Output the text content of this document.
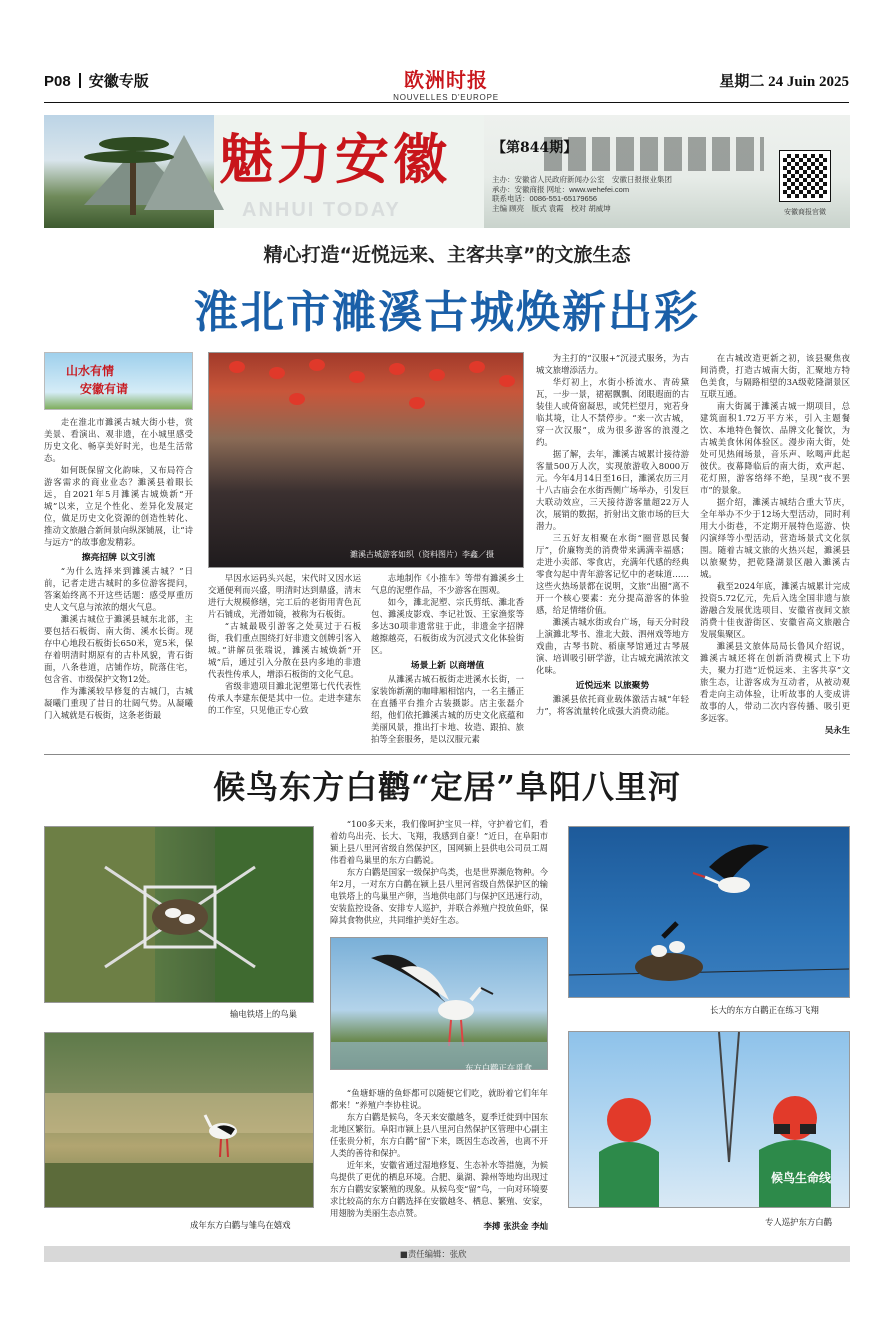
P08 安徽专版	欧洲时报
NOUVELLES D'EUROPE
星期二 24 Juin 2025
魅力安徽
ANHUI TODAY
【第844期】
主办：安徽省人民政府新闻办公室　安徽日报报业集团
承办：安徽商报 网址：www.wehefei.com
联系电话：0086-551-65179656
主编 顾亮　版式 袁霞　校对 胡威坤	安徽商报官微
精心打造“近悦远来、主客共享”的文旅生态
淮北市濉溪古城焕新出彩
山水有情
安徽有请
濉溪古城游客如织（资料图片）李鑫／摄

走在淮北市濉溪古城大街小巷，赏美景、看演出、观非遗，在小城里感受历史文化、畅享美好时光，也是生活常态。

如何既保留文化韵味，又布局符合游客需求的商业业态？濉溪县着眼长远，自2021年5月濉溪古城焕新“开城”以来，立足个性化、差异化发展定位，做足历史文化资源的创造性转化、推动文旅融合新间景向纵深铺展，让“诗与远方”的故事愈发精彩。

擦亮招牌 以文引流

“为什么选择来到濉溪古城？”日前，记者走进古城时的多位游客提问，答案始终离不开这些话题：感受厚重历史人文气息与浓浓的烟火气息。

濉溪古城位于濉溪县城东北部，主要包括石板街、南大街、溪水长街。现存中心地段石板街长650米，宽5米，保存着明清时期原有的古朴风貌，青石街面，八条巷道，店铺作坊，院落住宅，包含省、市级保护文物12处。

作为濉溪较早修复的古城门，古城凝曦门重现了昔日的壮阔气势。从凝曦门入城就是石板街，这条老街最

早因水运码头兴起，宋代时又因水运交通便利而兴盛，明清时达到鼎盛，清末进行大规模修缮，完工后的老街用青色瓦片石铺成，光滑如镜，被称为石板街。

“古城最吸引游客之处莫过于石板街，我们重点围绕打好非遗文创牌引客入城。”讲解员张瑞说，濉溪古城焕新“开城”后，通过引入分散在县内多地的非遗代表性传承人，增添石板街的文化气息。

省级非遗项目濉北泥塑第七代代表性传承人李建东便是其中一位。走进李建东的工作室，只见他正专心致

志地制作《小推车》等带有濉溪乡土气息的泥塑作品，不少游客在围观。

如今，濉北泥塑、宗氏剪纸、濉北香包、濉溪皮影戏、李记社饭、王家渔浆等多达30项非遗常驻于此，非遗金字招牌越擦越亮，石板街成为沉浸式文化体验街区。

场景上新 以商增值

从濉溪古城石板街走进溪水长街，一家装饰新潮的咖啡厢相馆内，一名主播正在直播平台推介古装摄影。店主张磊介绍，他们依托濉溪古城的历史文化底蕴和美丽风景，推出打卡地、妆造、跟拍、旅拍等全套服务，是以汉服元素

为主打的“汉服+”沉浸式服务，为古城文旅增添活力。

华灯初上，水街小桥流水、青砖黛瓦，一步一景，裙裾飘飘、闭眼遐面的古装佳人或倚窗凝思，或凭栏望月，宛若身临其境，让人不禁停步。“来一次古城，穿一次汉服”，成为很多游客的浪漫之约。

据了解，去年，濉溪古城累计接待游客量500万人次，实现旅游收入8000万元。今年4月14日至16日，濉溪农历三月十八古庙会在水街西侧广场举办，引发巨大联动效应，三天接待游客量超22万人次，展销的数据，折射出文旅市场的巨大潜力。

三五好友相聚在水街“圈营恩民餐厅”，价廉物美的消费带来满满幸福感；走进小卖部、零食店，充满年代感的经典零食勾起中青年游客记忆中的老味道……这些火热场景都在说明，文旅“出圈”离不开一个核心要素：充分提高游客的体验感，给足情绪价值。

濉溪古城水街或台广场，每天分时段上演濉北琴书、淮北大鼓、泗州戏等地方戏曲，古琴书院、稻康琴馆通过古琴展演、培训吸引研学游，让古城充满浓浓文化味。

近悦远来 以旅聚势

濉溪县依托商业载体激活古城“年轻力”，将客流量转化成强大消费动能。

在古城改造更新之初，该县聚焦夜间消费，打造古城南大街，汇聚地方特色美食，与隔路相望的3A级乾隆湖景区互联互通。

南大街属于濉溪古城一期项目，总建筑面积1.72万平方米，引入主题餐饮、本地特色餐饮、品牌文化餐饮，为古城美食休闲体验区。漫步南大街，处处可见热闹场景，音乐声、吆喝声此起彼伏。夜幕降临后的南大街，欢声起、花灯照，游客络绎不绝，呈现“夜不罢市”的景象。

据介绍，濉溪古城结合重大节庆，全年举办不少于12场大型活动，同时利用大小街巷，不定期开展特色巡游、快闪演绎等小型活动，营造场景式文化氛围。随着古城文旅的火热兴起，濉溪县以旅聚势，把乾隆湖景区融入濉溪古城。

截至2024年底，濉溪古城累计完成投资5.72亿元，先后入选全国非遗与旅游融合发展优选项目、安徽省夜间文旅消费十佳夜游街区、安徽省高文旅融合发展集聚区。

濉溪县文旅体局局长鲁风介绍说，濉溪古城还将在创新消费模式上下功夫，聚力打造“近悦远来、主客共享”文旅生态，让游客成为互动者，从被动观看走向主动体验，让听故事的人变成讲故事的人，带动二次内容传播、吸引更多远客。

吴永生

候鸟东方白鹳“定居”阜阳八里河
输电铁塔上的鸟巢

“100多天来，我们像呵护宝贝一样，守护着它们，看着幼鸟出壳、长大、飞翔，我感到自豪！”近日，在阜阳市颍上县八里河省级自然保护区，国网颍上县供电公司员工周伟看着鸟巢里的东方白鹳说。

东方白鹳是国家一级保护鸟类，也是世界濒危物种。今年2月，一对东方白鹳在颍上县八里河省级自然保护区的输电铁塔上的鸟巢里产卵，当地供电部门与保护区迅速行动，安装监控设备、安排专人巡护，并联合养殖户投放鱼虾，保障其食物供应，共同维护美好生态。

东方白鹳正在觅食

“鱼塘虾塘的鱼虾都可以随便它们吃，就盼着它们年年都来！”养殖户李协柱说。

东方白鹳是候鸟，冬天来安徽越冬，夏季迁徙到中国东北地区繁衍。阜阳市颍上县八里河自然保护区管理中心副主任张贵分析，东方白鹳“留”下来，既因生态改善，也离不开人类的善待和保护。

近年来，安徽省通过湿地修复、生态补水等措施，为候鸟提供了更优的栖息环境。合肥、巢湖、滁州等地均出现过东方白鹳安家繁殖的现象。从候鸟变“留”鸟，一向对环境要求比较高的东方白鹳选择在安徽越冬、栖息、繁殖、安家，用翅膀为美丽生态点赞。

李搏 张洪金 李灿
长大的东方白鹳正在练习飞翔
成年东方白鹳与雏鸟在嬉戏
候鸟生命线
专人巡护东方白鹳
■责任编辑：张欣
